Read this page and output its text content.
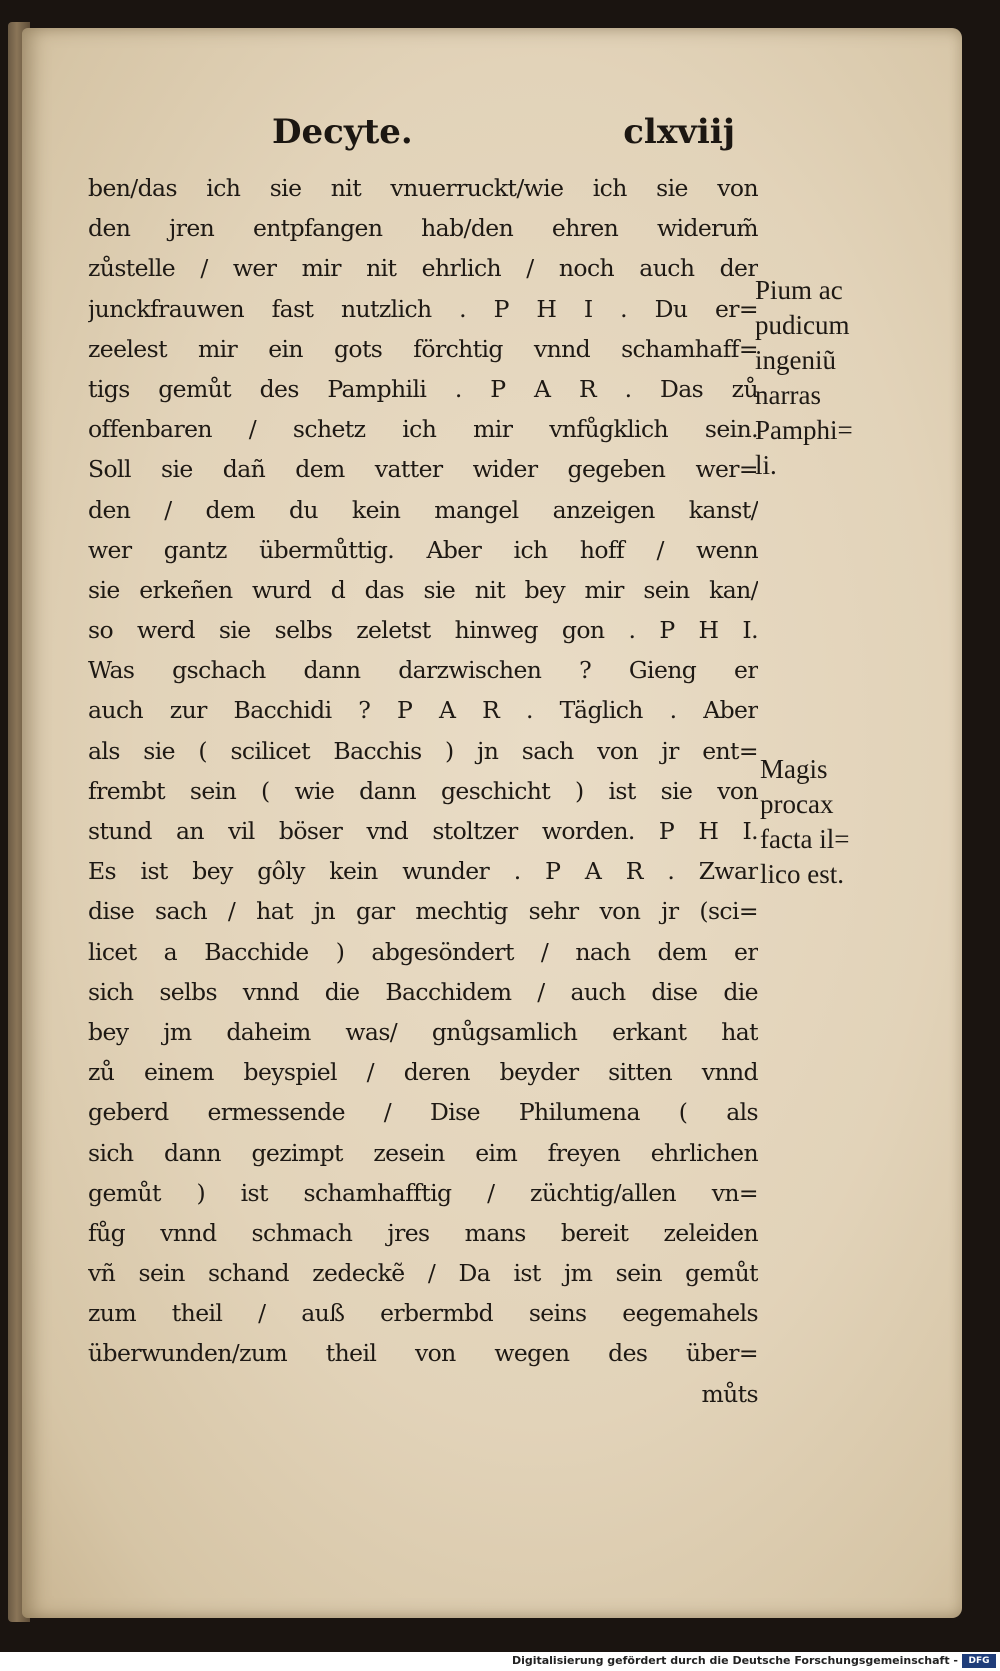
Decyte.	clxviij
ben/das ich sie nit vnuerruckt/wie ich sie von
den jren entpfangen hab/den ehren widerum̃
zůstelle / wer mir nit ehrlich / noch auch der
junckfrauwen fast nutzlich . P H I . Du er=
zeelest mir ein gots förchtig vnnd schamhaff=
tigs gemůt des Pamphili . P A R . Das zů
offenbaren / schetz ich mir vnfůgklich sein.
Soll sie dañ dem vatter wider gegeben wer=
den / dem du kein mangel anzeigen kanst/
wer gantz übermůttig. Aber ich hoff / wenn
sie erkeñen wurd d das sie nit bey mir sein kan/
so werd sie selbs zeletst hinweg gon . P H I.
Was gschach dann darzwischen ? Gieng er
auch zur Bacchidi ? P A R . Täglich . Aber
als sie ( scilicet Bacchis ) jn sach von jr ent=
frembt sein ( wie dann geschicht ) ist sie von
stund an vil böser vnd stoltzer worden. P H I.
Es ist bey gôly kein wunder . P A R . Zwar
dise sach / hat jn gar mechtig sehr von jr (sci=
licet a Bacchide ) abgesöndert / nach dem er
sich selbs vnnd die Bacchidem / auch dise die
bey jm daheim was/ gnůgsamlich erkant hat
zů einem beyspiel / deren beyder sitten vnnd
geberd ermessende / Dise Philumena ( als
sich dann gezimpt zesein eim freyen ehrlichen
gemůt ) ist schamhafftig / züchtig/allen vn=
fůg vnnd schmach jres mans bereit zeleiden
vñ sein schand zedeckẽ / Da ist jm sein gemůt
zum theil / auß erbermbd seins eegemahels
überwunden/zum theil von wegen des über=
můts
Pium ac
pudicum
ingeniũ
narras
Pamphi=
li.
Magis
procax
facta il=
lico est.
Digitalisierung gefördert durch die Deutsche Forschungsgemeinschaft -	DFG
